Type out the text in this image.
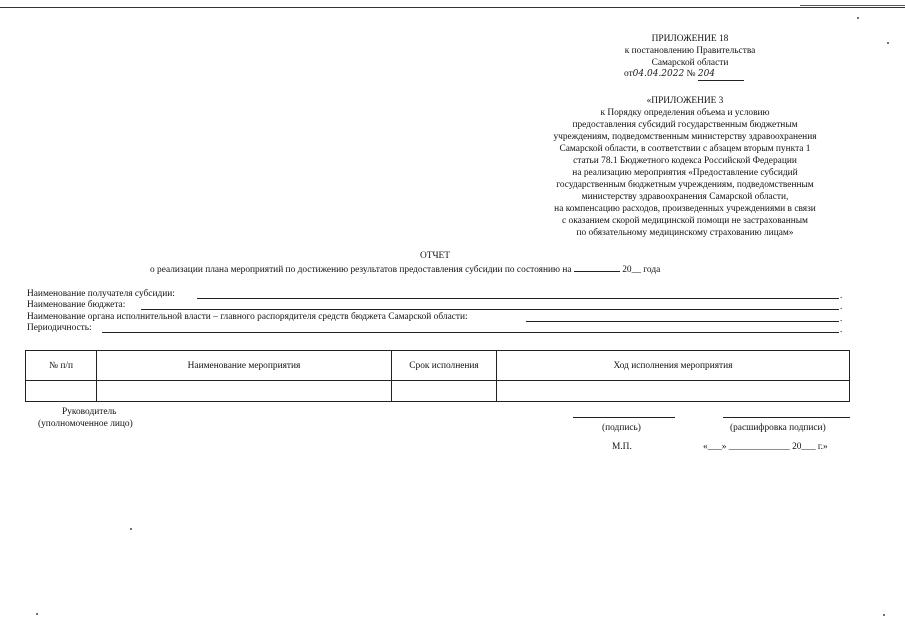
ПРИЛОЖЕНИЕ 18
к постановлению Правительства
Самарской области
от04.04.2022 № 204
«ПРИЛОЖЕНИЕ 3
к Порядку определения объема и условию
предоставления субсидий государственным бюджетным
учреждениям, подведомственным министерству здравоохранения
Самарской области, в соответствии с абзацем вторым пункта 1
статьи 78.1 Бюджетного кодекса Российской Федерации
на реализацию мероприятия «Предоставление субсидий
государственным бюджетным учреждениям, подведомственным
министерству здравоохранения Самарской области,
на компенсацию расходов, произведенных учреждениями в связи
с оказанием скорой медицинской помощи не застрахованным
по обязательному медицинскому страхованию лицам»
ОТЧЕТ
о реализации плана мероприятий по достижению результатов предоставления субсидии по состоянию на	20__ года
Наименование получателя субсидии:	.
Наименование бюджета:	.
Наименование органа исполнительной власти – главного распорядителя средств бюджета Самарской области:	.
Периодичность:	.
№ п/п	Наименование мероприятия	Срок исполнения	Ход исполнения мероприятия

Руководитель
(уполномоченное лицо)	(подпись)	(расшифровка подписи)
М.П.	«___» _____________ 20___ г.»
